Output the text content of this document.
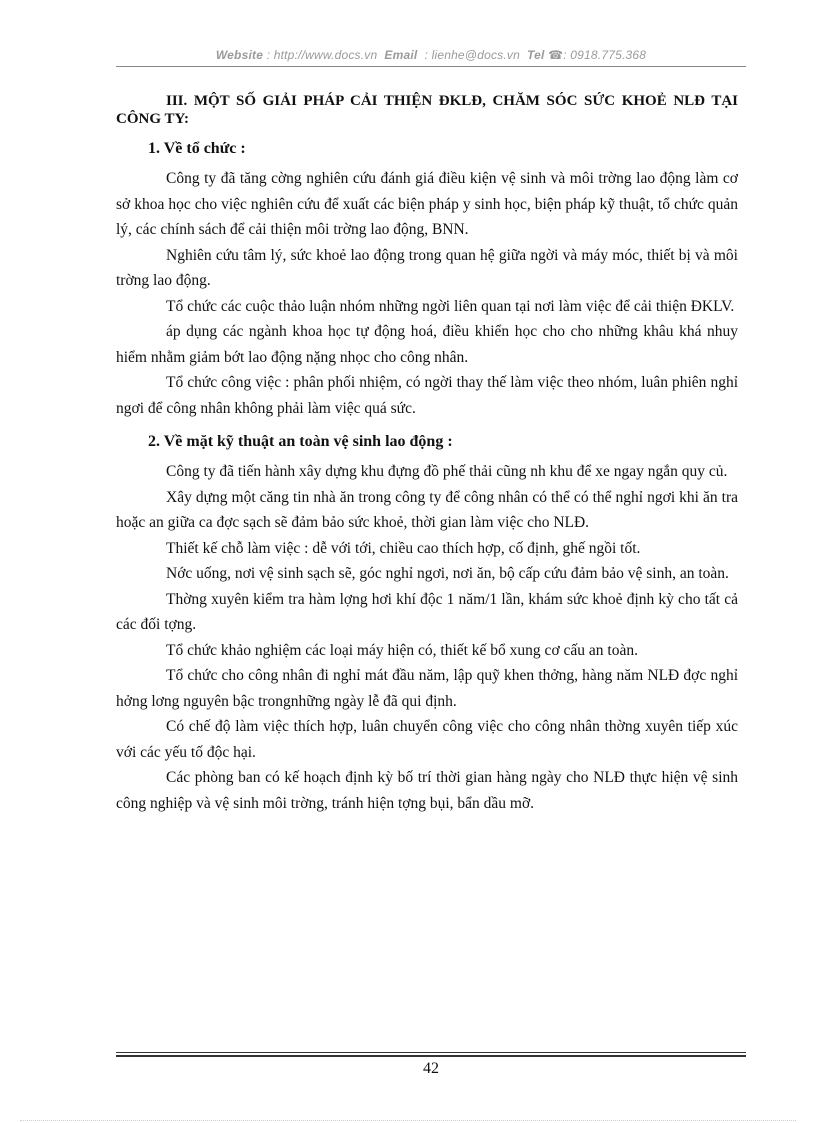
Website : http://www.docs.vn Email : lienhe@docs.vn Tel ☎: 0918.775.368
III. MỘT SỐ GIẢI PHÁP CẢI THIỆN ĐKLĐ, CHĂM SÓC SỨC KHOẺ NLĐ TẠI CÔNG TY:
1. Về tổ chức :

Công ty đã tăng cờng nghiên cứu đánh giá điều kiện vệ sinh và môi trờng lao động làm cơ sở khoa học cho việc nghiên cứu để xuất các biện pháp y sinh học, biện pháp kỹ thuật, tổ chức quản lý, các chính sách để cải thiện môi trờng lao động, BNN.

Nghiên cứu tâm lý, sức khoẻ lao động trong quan hệ giữa ngời và máy móc, thiết bị và môi trờng lao động.

Tổ chức các cuộc thảo luận nhóm những ngời liên quan tại nơi làm việc để cải thiện ĐKLV.

áp dụng các ngành khoa học tự động hoá, điều khiển học cho cho những khâu khá nhuy hiểm nhằm giảm bớt lao động nặng nhọc cho công nhân.

Tổ chức công việc : phân phối nhiệm, có ngời thay thế làm việc theo nhóm, luân phiên nghỉ ngơi để công nhân không phải làm việc quá sức.

2. Về mặt kỹ thuật an toàn vệ sinh lao động :

Công ty đã tiến hành xây dựng khu đựng đồ phế thải cũng nh khu để xe ngay ngắn quy củ.

Xây dựng một căng tin nhà ăn trong công ty để công nhân có thể có thể nghỉ ngơi khi ăn tra hoặc an giữa ca đợc sạch sẽ đảm bảo sức khoẻ, thời gian làm việc cho NLĐ.

Thiết kế chỗ làm việc : dễ với tới, chiều cao thích hợp, cố định, ghế ngồi tốt.

Nớc uống, nơi vệ sinh sạch sẽ, góc nghỉ ngơi, nơi ăn, bộ cấp cứu đảm bảo vệ sinh, an toàn.

Thờng xuyên kiểm tra hàm lợng hơi khí độc 1 năm/1 lần, khám sức khoẻ định kỳ cho tất cả các đối tợng.

Tổ chức khảo nghiệm các loại máy hiện có, thiết kế bổ xung cơ cấu an toàn.

Tổ chức cho công nhân đi nghỉ mát đầu năm, lập quỹ khen thởng, hàng năm NLĐ đợc nghỉ hởng lơng nguyên bậc trongnhững ngày lễ đã qui định.

Có chế độ làm việc thích hợp, luân chuyển công việc cho công nhân thờng xuyên tiếp xúc với các yếu tố độc hại.

Các phòng ban có kế hoạch định kỳ bố trí thời gian hàng ngày cho NLĐ thực hiện vệ sinh công nghiệp và vệ sinh môi trờng, tránh hiện tợng bụi, bẩn dầu mỡ.

42
